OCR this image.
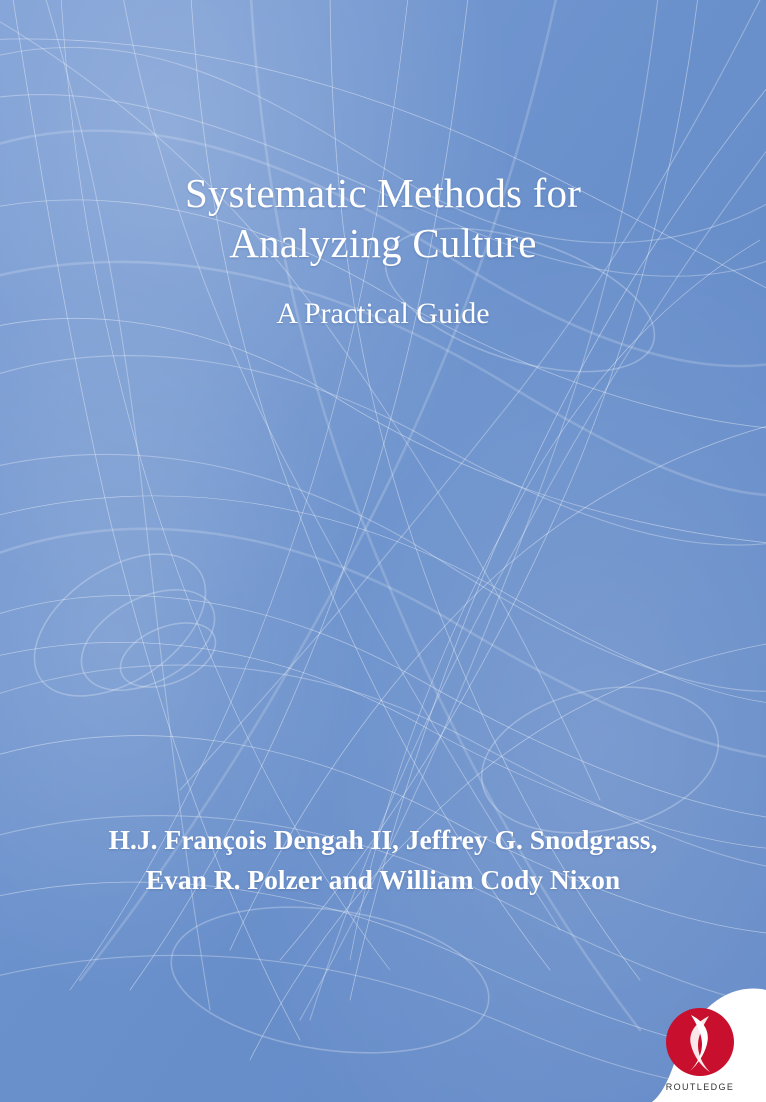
Systematic Methods for
Analyzing Culture
A Practical Guide
H.J. François Dengah II, Jeffrey G. Snodgrass,
Evan R. Polzer and William Cody Nixon
ROUTLEDGE
